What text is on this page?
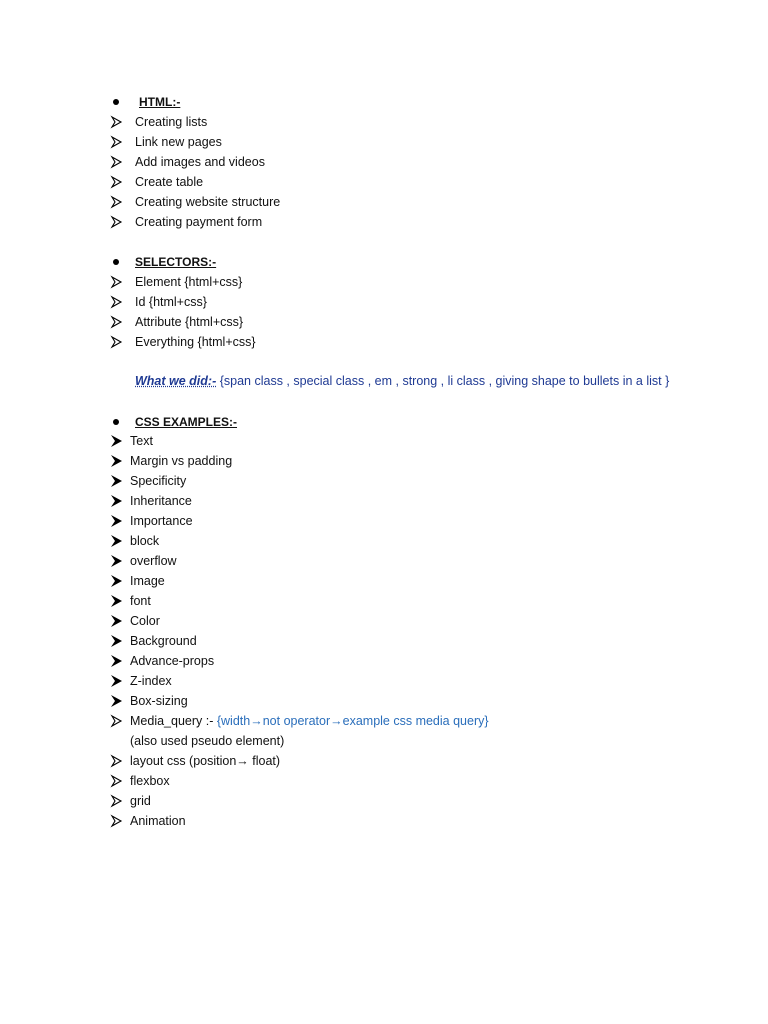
HTML:-
Creating lists
Link new pages
Add images and videos
Create table
Creating website structure
Creating payment form
SELECTORS:-
Element {html+css}
Id {html+css}
Attribute {html+css}
Everything {html+css}
What we did:- {span class , special class , em , strong , li class , giving shape to bullets in a list }
CSS EXAMPLES:-
Text
Margin vs padding
Specificity
Inheritance
Importance
block
overflow
Image
font
Color
Background
Advance-props
Z-index
Box-sizing
Media_query :- {width→not operator→example css media query}
(also used pseudo element)
layout css (position→ float)
flexbox
grid
Animation
